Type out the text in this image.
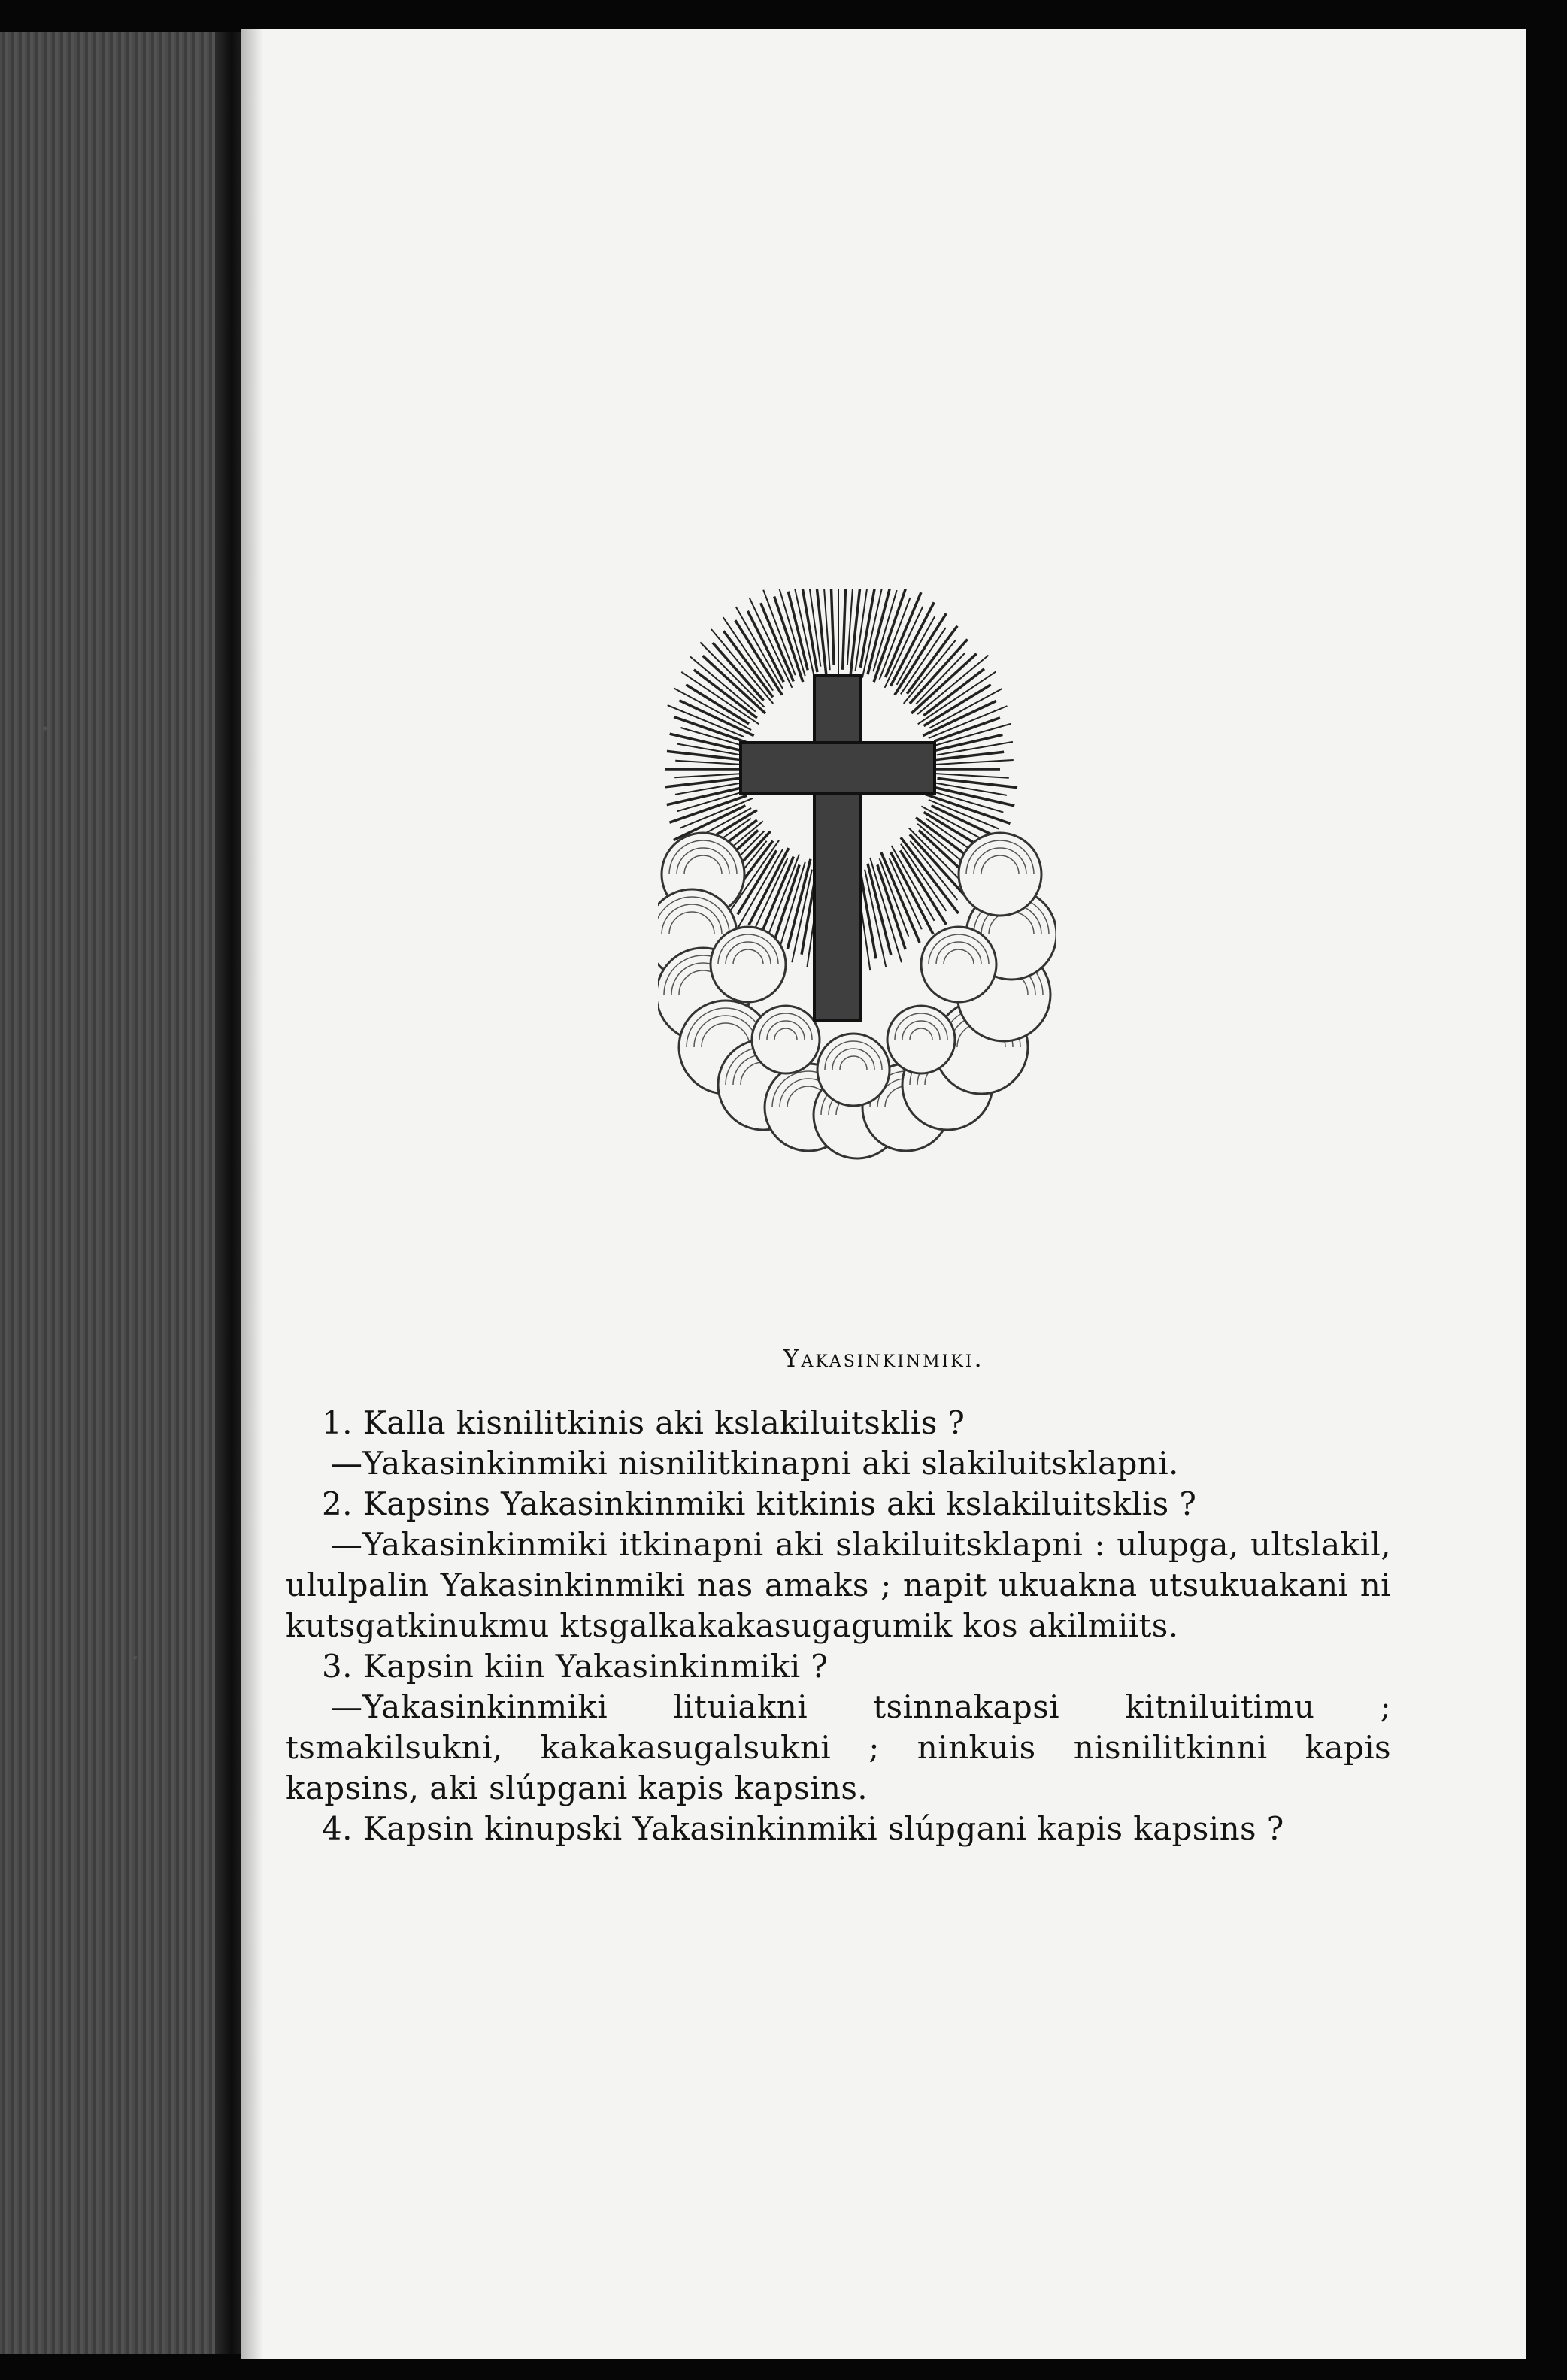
Yakasinkinmiki.

1. Kalla kisnilitkinis aki kslakiluitsklis ?

—Yakasinkinmiki nisnilitkinapni aki slakiluitsklapni.

2. Kapsins Yakasinkinmiki kitkinis aki kslakiluitsklis ?

—Yakasinkinmiki itkinapni aki slakiluitsklapni : ulupga, ultslakil, ululpalin Yakasinkinmiki nas amaks ; napit ukuakna utsukuakani ni kutsgatkinukmu ktsgalkakakasugagumik kos akilmiits.

3. Kapsin kiin Yakasinkinmiki ?

—Yakasinkinmiki lituiakni tsinnakapsi kitniluitimu ; tsmakilsukni, kakakasugalsukni ; ninkuis nisnilitkinni kapis kapsins, aki slúpgani kapis kapsins.

4. Kapsin kinupski Yakasinkinmiki slúpgani kapis kapsins ?
